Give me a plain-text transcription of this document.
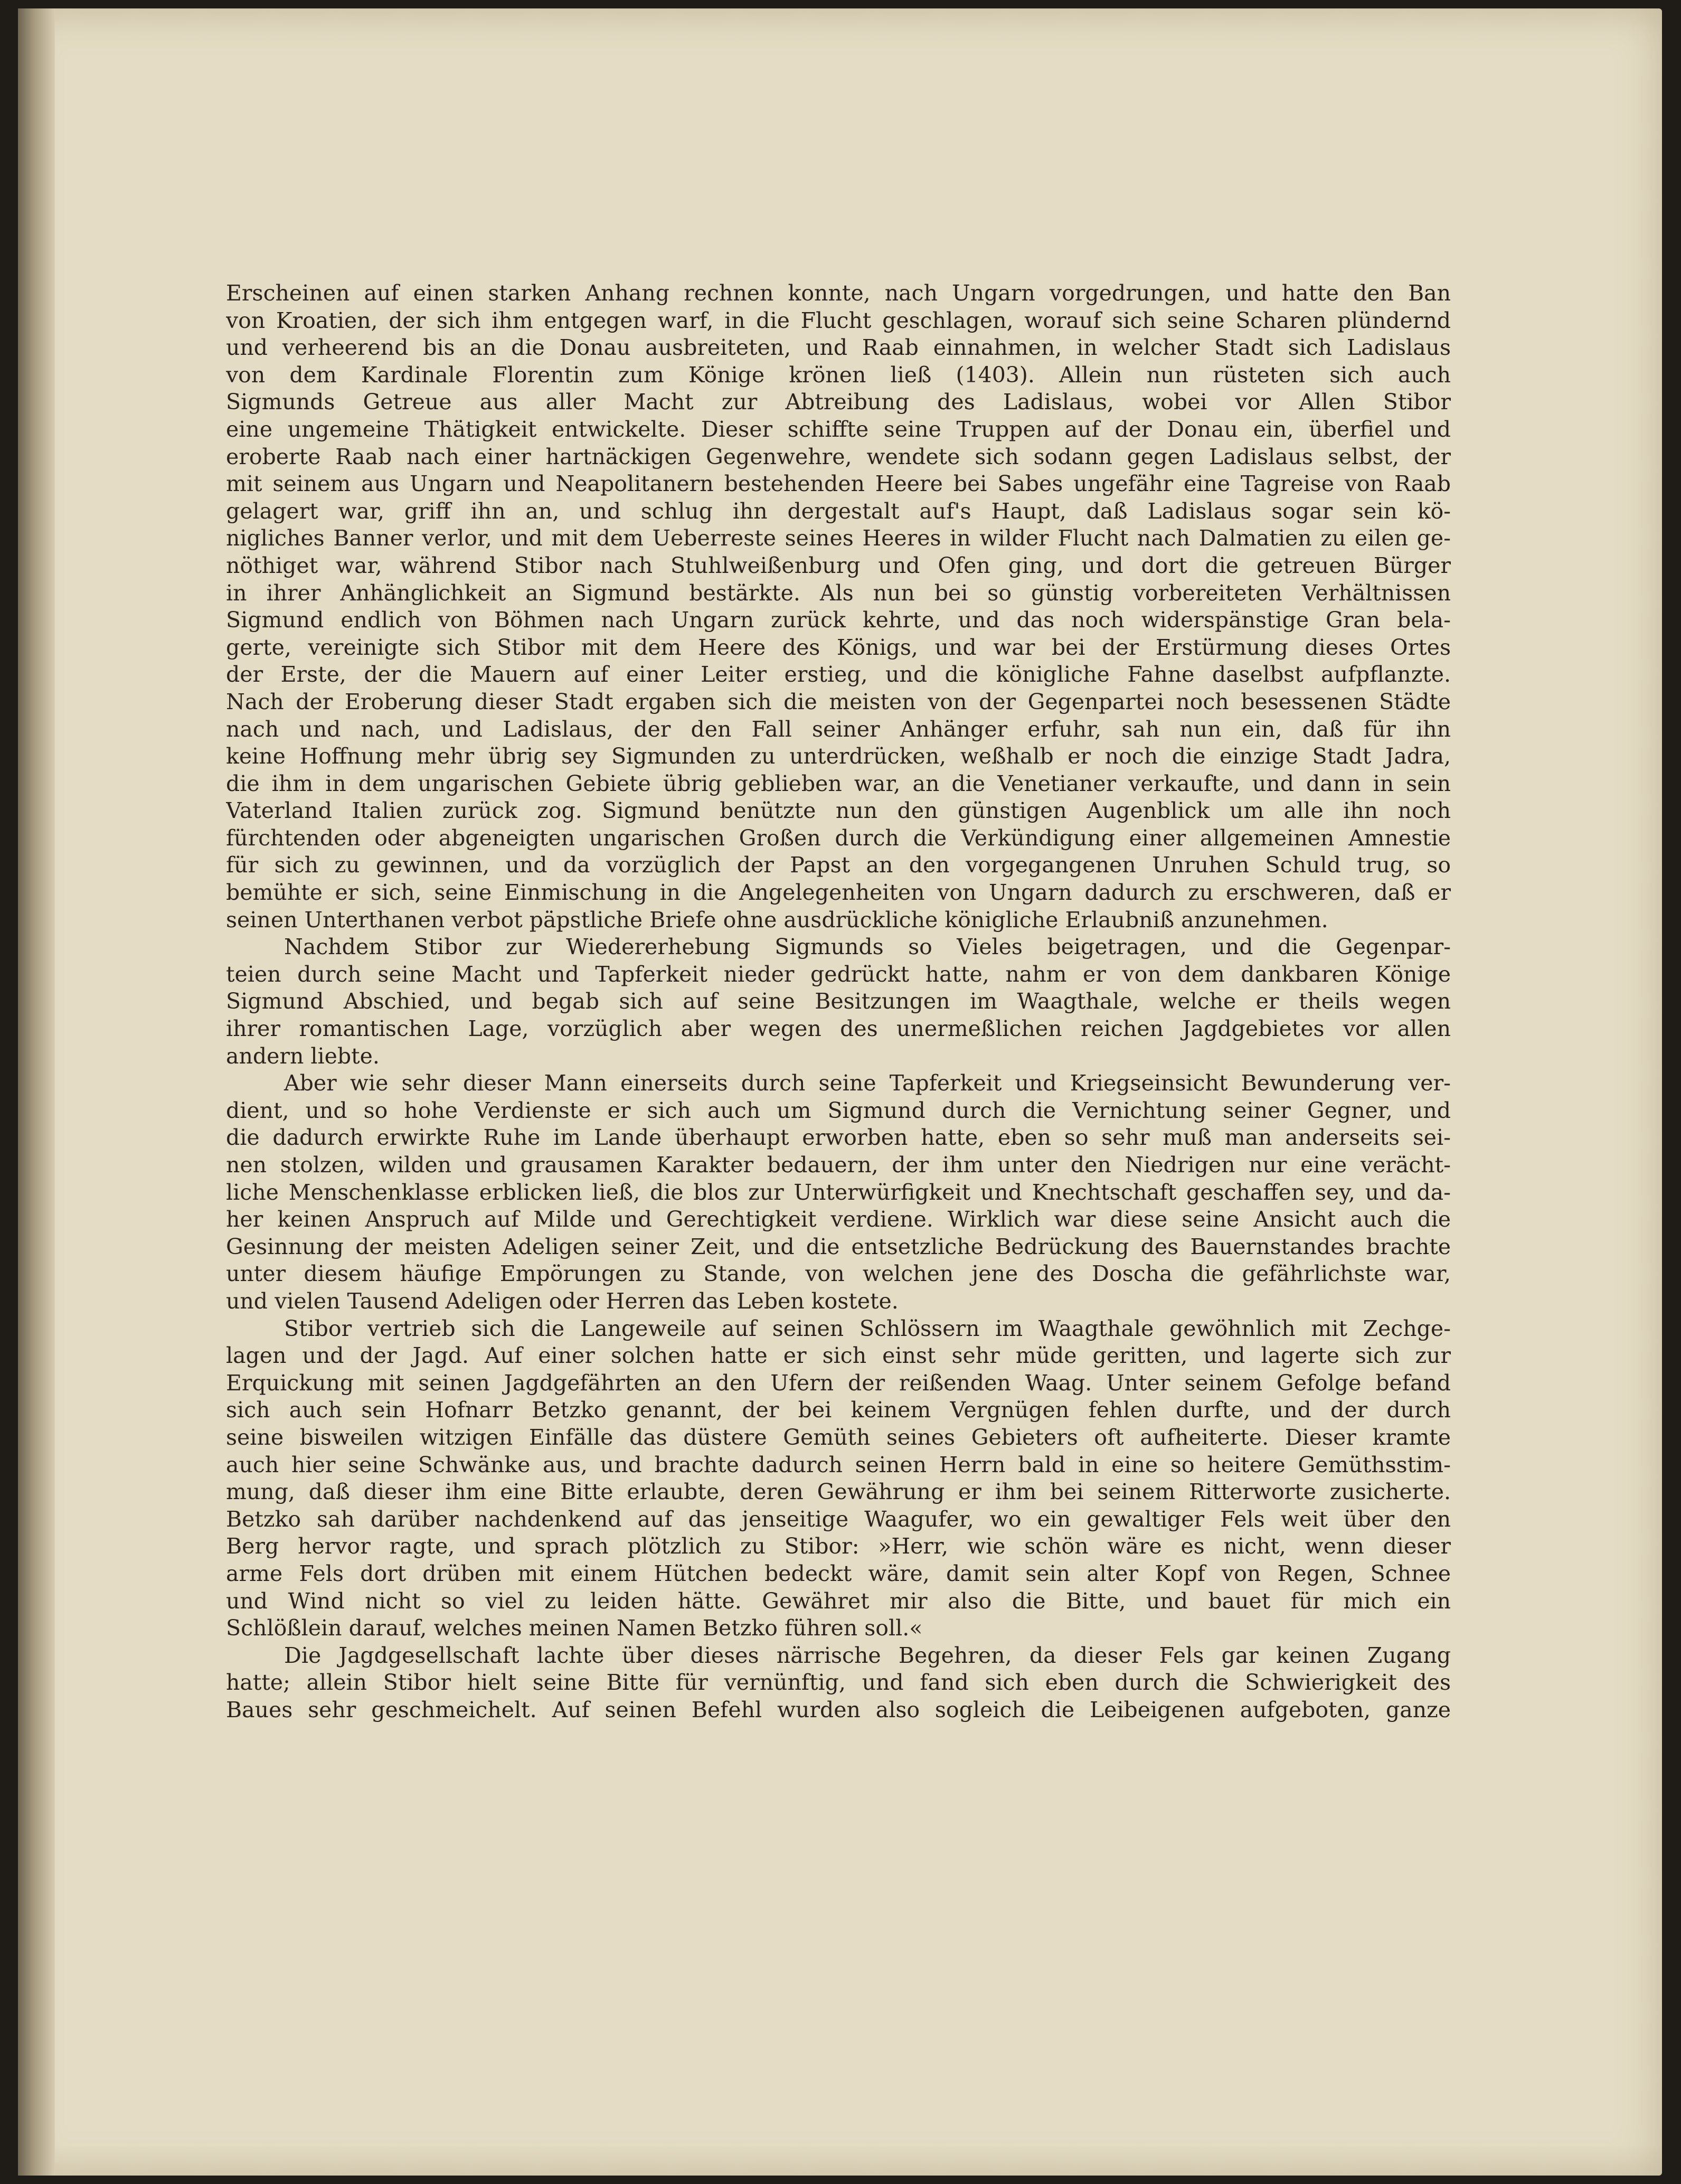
Erscheinen auf einen starken Anhang rechnen konnte, nach Ungarn vorgedrungen, und hatte den Ban
von Kroatien, der sich ihm entgegen warf, in die Flucht geschlagen, worauf sich seine Scharen plündernd
und verheerend bis an die Donau ausbreiteten, und Raab einnahmen, in welcher Stadt sich Ladislaus
von dem Kardinale Florentin zum Könige krönen ließ (1403). Allein nun rüsteten sich auch
Sigmunds Getreue aus aller Macht zur Abtreibung des Ladislaus, wobei vor Allen Stibor
eine ungemeine Thätigkeit entwickelte. Dieser schiffte seine Truppen auf der Donau ein, überfiel und
eroberte Raab nach einer hartnäckigen Gegenwehre, wendete sich sodann gegen Ladislaus selbst, der
mit seinem aus Ungarn und Neapolitanern bestehenden Heere bei Sabes ungefähr eine Tagreise von Raab
gelagert war, griff ihn an, und schlug ihn dergestalt auf's Haupt, daß Ladislaus sogar sein kö-
nigliches Banner verlor, und mit dem Ueberreste seines Heeres in wilder Flucht nach Dalmatien zu eilen ge-
nöthiget war, während Stibor nach Stuhlweißenburg und Ofen ging, und dort die getreuen Bürger
in ihrer Anhänglichkeit an Sigmund bestärkte. Als nun bei so günstig vorbereiteten Verhältnissen
Sigmund endlich von Böhmen nach Ungarn zurück kehrte, und das noch widerspänstige Gran bela-
gerte, vereinigte sich Stibor mit dem Heere des Königs, und war bei der Erstürmung dieses Ortes
der Erste, der die Mauern auf einer Leiter erstieg, und die königliche Fahne daselbst aufpflanzte.
Nach der Eroberung dieser Stadt ergaben sich die meisten von der Gegenpartei noch besessenen Städte
nach und nach, und Ladislaus, der den Fall seiner Anhänger erfuhr, sah nun ein, daß für ihn
keine Hoffnung mehr übrig sey Sigmunden zu unterdrücken, weßhalb er noch die einzige Stadt Jadra,
die ihm in dem ungarischen Gebiete übrig geblieben war, an die Venetianer verkaufte, und dann in sein
Vaterland Italien zurück zog. Sigmund benützte nun den günstigen Augenblick um alle ihn noch
fürchtenden oder abgeneigten ungarischen Großen durch die Verkündigung einer allgemeinen Amnestie
für sich zu gewinnen, und da vorzüglich der Papst an den vorgegangenen Unruhen Schuld trug, so
bemühte er sich, seine Einmischung in die Angelegenheiten von Ungarn dadurch zu erschweren, daß er
seinen Unterthanen verbot päpstliche Briefe ohne ausdrückliche königliche Erlaubniß anzunehmen.
Nachdem Stibor zur Wiedererhebung Sigmunds so Vieles beigetragen, und die Gegenpar-
teien durch seine Macht und Tapferkeit nieder gedrückt hatte, nahm er von dem dankbaren Könige
Sigmund Abschied, und begab sich auf seine Besitzungen im Waagthale, welche er theils wegen
ihrer romantischen Lage, vorzüglich aber wegen des unermeßlichen reichen Jagdgebietes vor allen
andern liebte.
Aber wie sehr dieser Mann einerseits durch seine Tapferkeit und Kriegseinsicht Bewunderung ver-
dient, und so hohe Verdienste er sich auch um Sigmund durch die Vernichtung seiner Gegner, und
die dadurch erwirkte Ruhe im Lande überhaupt erworben hatte, eben so sehr muß man anderseits sei-
nen stolzen, wilden und grausamen Karakter bedauern, der ihm unter den Niedrigen nur eine verächt-
liche Menschenklasse erblicken ließ, die blos zur Unterwürfigkeit und Knechtschaft geschaffen sey, und da-
her keinen Anspruch auf Milde und Gerechtigkeit verdiene. Wirklich war diese seine Ansicht auch die
Gesinnung der meisten Adeligen seiner Zeit, und die entsetzliche Bedrückung des Bauernstandes brachte
unter diesem häufige Empörungen zu Stande, von welchen jene des Doscha die gefährlichste war,
und vielen Tausend Adeligen oder Herren das Leben kostete.
Stibor vertrieb sich die Langeweile auf seinen Schlössern im Waagthale gewöhnlich mit Zechge-
lagen und der Jagd. Auf einer solchen hatte er sich einst sehr müde geritten, und lagerte sich zur
Erquickung mit seinen Jagdgefährten an den Ufern der reißenden Waag. Unter seinem Gefolge befand
sich auch sein Hofnarr Betzko genannt, der bei keinem Vergnügen fehlen durfte, und der durch
seine bisweilen witzigen Einfälle das düstere Gemüth seines Gebieters oft aufheiterte. Dieser kramte
auch hier seine Schwänke aus, und brachte dadurch seinen Herrn bald in eine so heitere Gemüthsstim-
mung, daß dieser ihm eine Bitte erlaubte, deren Gewährung er ihm bei seinem Ritterworte zusicherte.
Betzko sah darüber nachdenkend auf das jenseitige Waagufer, wo ein gewaltiger Fels weit über den
Berg hervor ragte, und sprach plötzlich zu Stibor: »Herr, wie schön wäre es nicht, wenn dieser
arme Fels dort drüben mit einem Hütchen bedeckt wäre, damit sein alter Kopf von Regen, Schnee
und Wind nicht so viel zu leiden hätte. Gewähret mir also die Bitte, und bauet für mich ein
Schlößlein darauf, welches meinen Namen Betzko führen soll.«
Die Jagdgesellschaft lachte über dieses närrische Begehren, da dieser Fels gar keinen Zugang
hatte; allein Stibor hielt seine Bitte für vernünftig, und fand sich eben durch die Schwierigkeit des
Baues sehr geschmeichelt. Auf seinen Befehl wurden also sogleich die Leibeigenen aufgeboten, ganze
